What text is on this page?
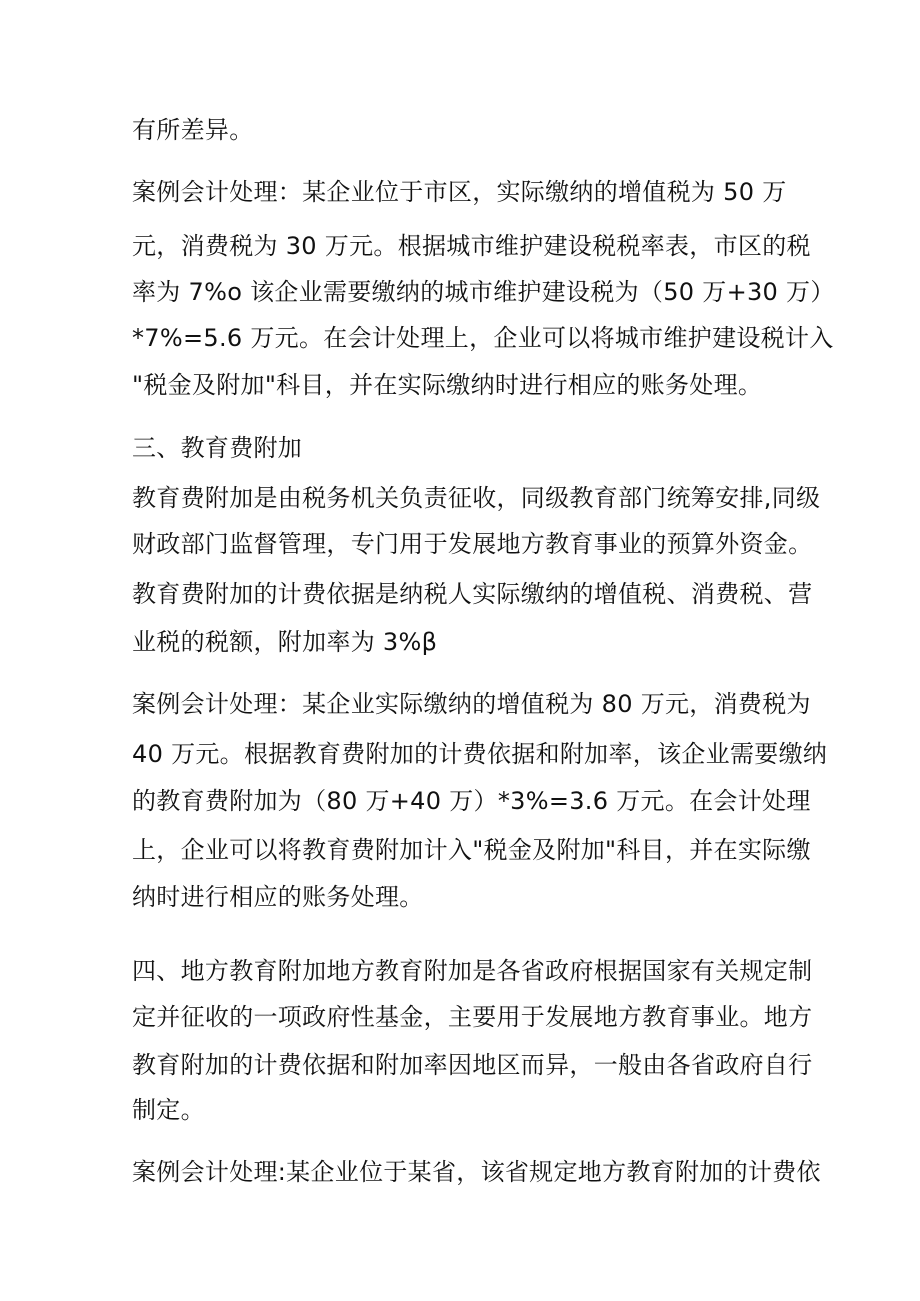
有所差异。
案例会计处理：某企业位于市区，实际缴纳的增值税为 50 万
元，消费税为 30 万元。根据城市维护建设税税率表，市区的税
率为 7%o 该企业需要缴纳的城市维护建设税为（50 万+30 万）
*7%=5.6 万元。在会计处理上，企业可以将城市维护建设税计入
"税金及附加"科目，并在实际缴纳时进行相应的账务处理。
三、教育费附加
教育费附加是由税务机关负责征收，同级教育部门统筹安排,同级
财政部门监督管理，专门用于发展地方教育事业的预算外资金。
教育费附加的计费依据是纳税人实际缴纳的增值税、消费税、营
业税的税额，附加率为 3%β
案例会计处理：某企业实际缴纳的增值税为 80 万元，消费税为
40 万元。根据教育费附加的计费依据和附加率，该企业需要缴纳
的教育费附加为（80 万+40 万）*3%=3.6 万元。在会计处理
上，企业可以将教育费附加计入"税金及附加"科目，并在实际缴
纳时进行相应的账务处理。
四、地方教育附加地方教育附加是各省政府根据国家有关规定制
定并征收的一项政府性基金，主要用于发展地方教育事业。地方
教育附加的计费依据和附加率因地区而异，一般由各省政府自行
制定。
案例会计处理:某企业位于某省，该省规定地方教育附加的计费依
